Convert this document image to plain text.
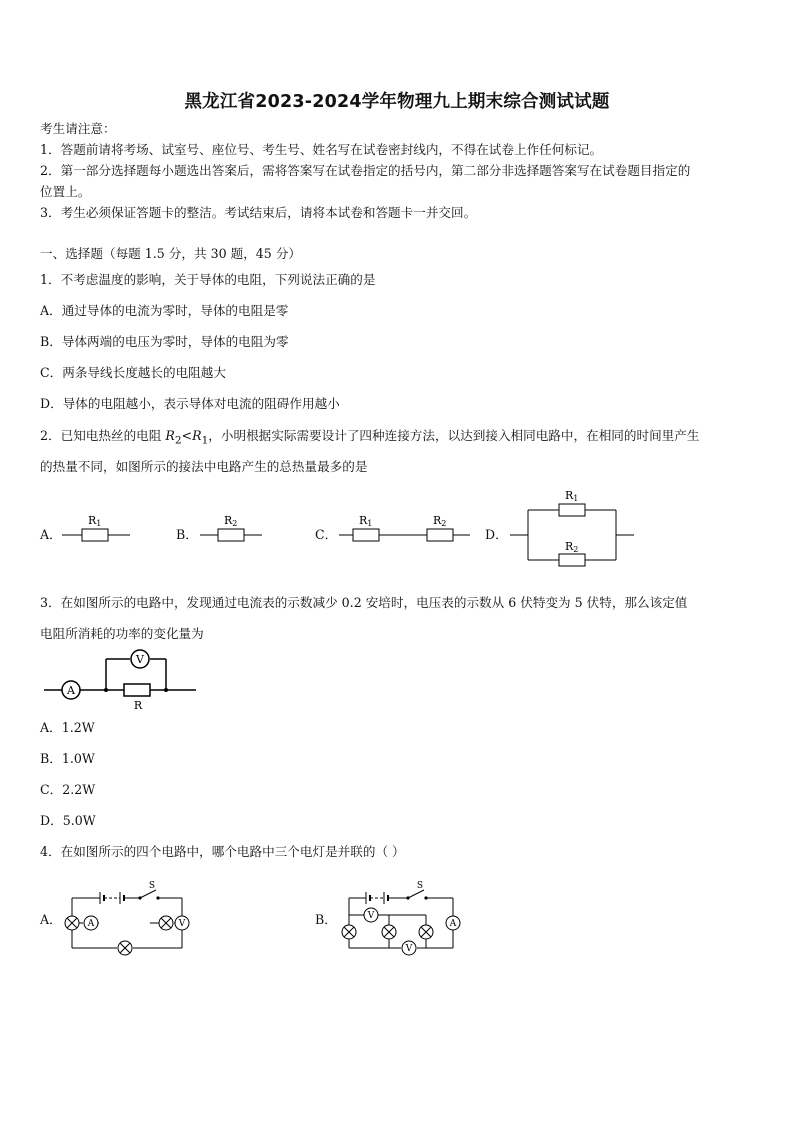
黑龙江省2023-2024学年物理九上期末综合测试试题
考生请注意：
1．答题前请将考场、试室号、座位号、考生号、姓名写在试卷密封线内，不得在试卷上作任何标记。
2．第一部分选择题每小题选出答案后，需将答案写在试卷指定的括号内，第二部分非选择题答案写在试卷题目指定的
位置上。
3．考生必须保证答题卡的整洁。考试结束后，请将本试卷和答题卡一并交回。
一、选择题（每题 1.5 分，共 30 题，45 分）
1．不考虑温度的影响，关于导体的电阻，下列说法正确的是
A．通过导体的电流为零时，导体的电阻是零
B．导体两端的电压为零时，导体的电阻为零
C．两条导线长度越长的电阻越大
D．导体的电阻越小，表示导体对电流的阻碍作用越小
2．已知电热丝的电阻 $R_2<R_1$，小明根据实际需要设计了四种连接方法，以达到接入相同电路中，在相同的时间里产生
的热量不同，如图所示的接法中电路产生的总热量最多的是
A．	B．	C．	D．
R1	R2	R1	R2
R1
R2
3．在如图所示的电路中，发现通过电流表的示数减少 0.2 安培时，电压表的示数从 6 伏特变为 5 伏特，那么该定值
电阻所消耗的功率的变化量为
A
V
R
A．1.2W
B．1.0W
C．2.2W
D．5.0W
4．在如图所示的四个电路中，哪个电路中三个电灯是并联的（ ）
A．	B．
S
A	V
S
V
V
A
